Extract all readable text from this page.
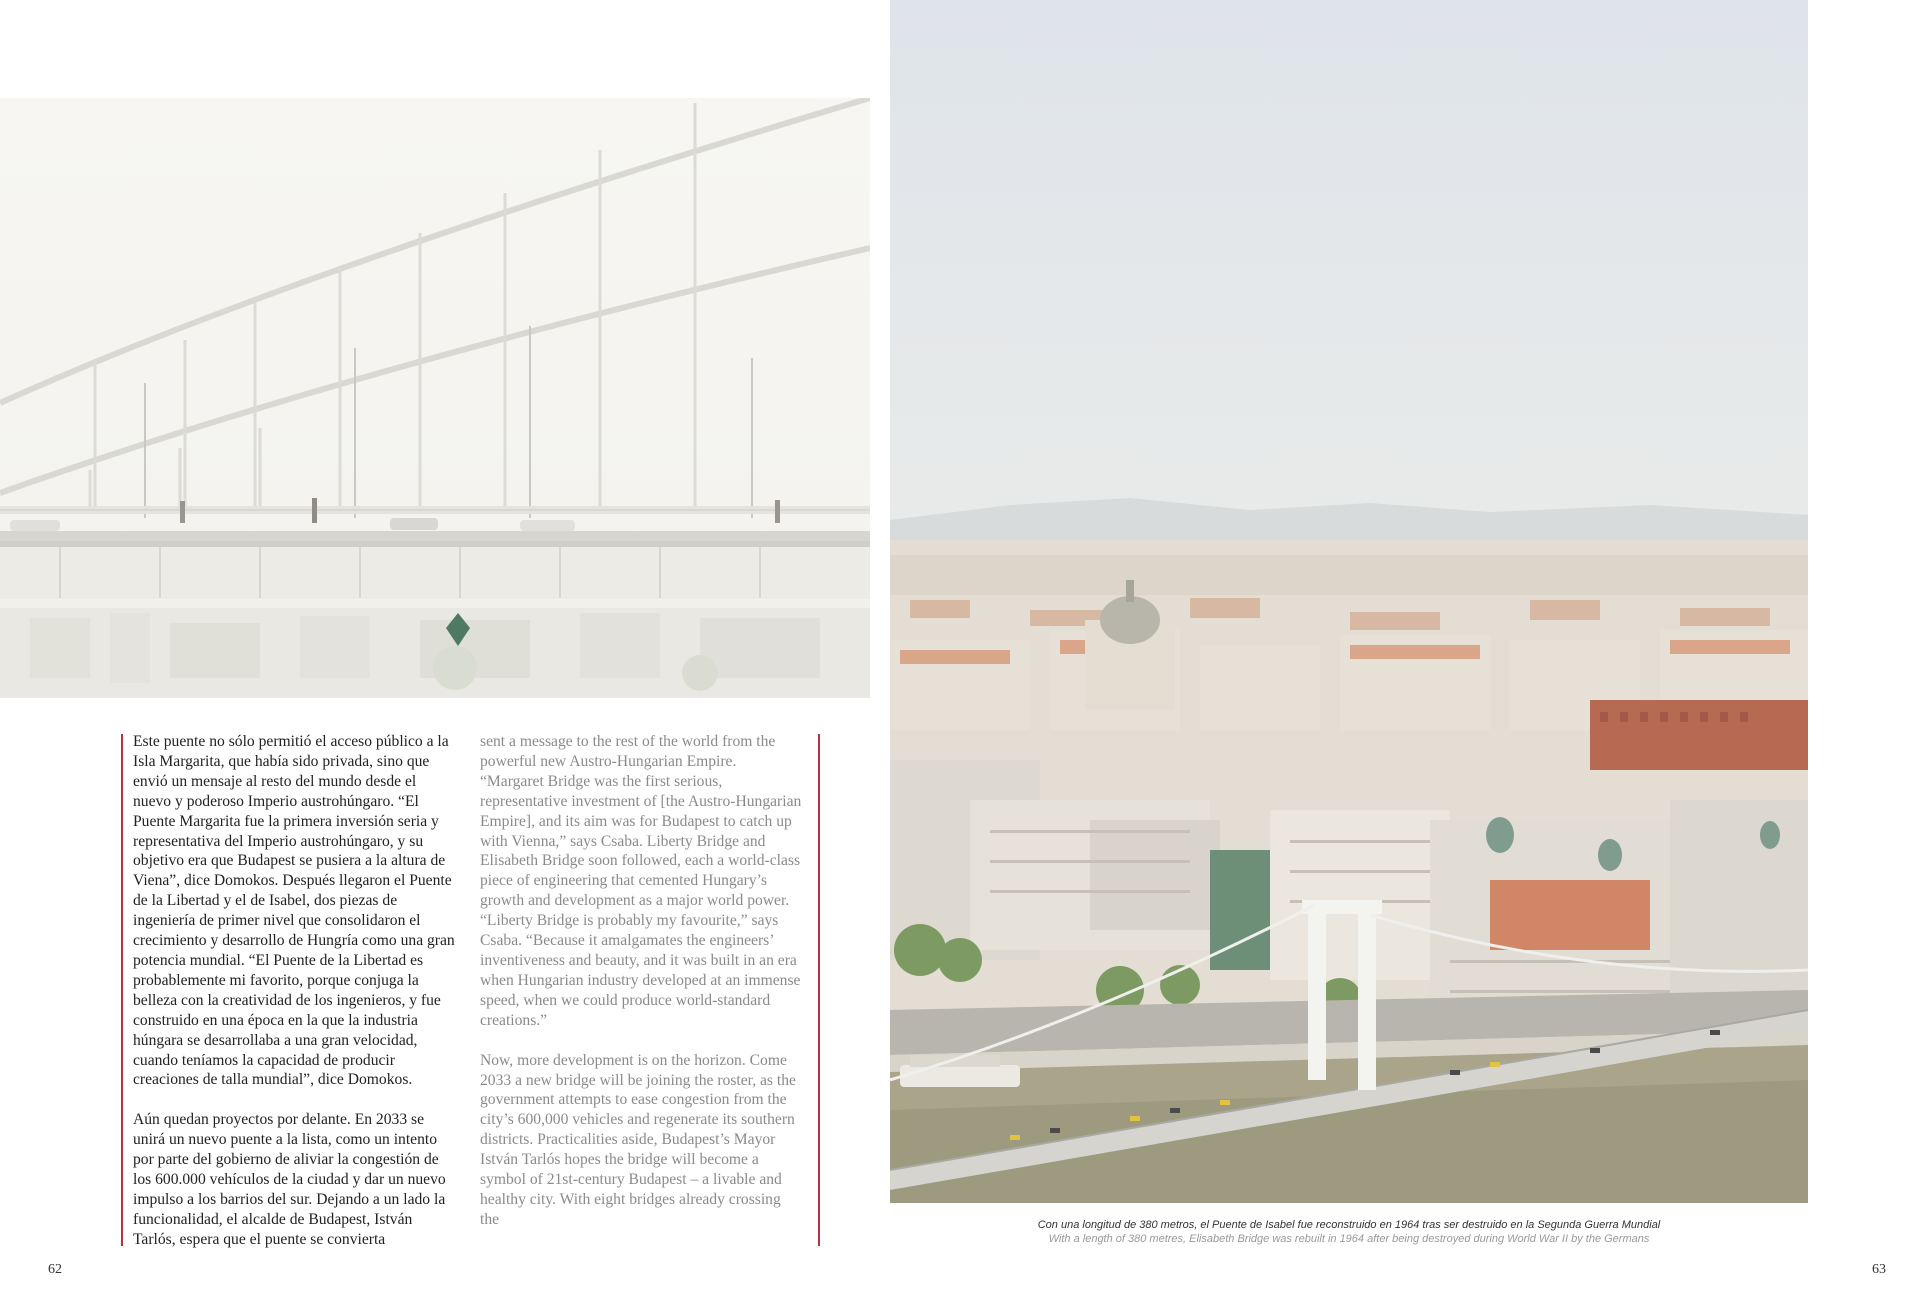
Este puente no sólo permitió el acceso público a la Isla Margarita, que había sido privada, sino que envió un mensaje al resto del mundo desde el nuevo y poderoso Imperio austrohúngaro. “El Puente Margarita fue la primera inversión seria y representativa del Imperio austrohúngaro, y su objetivo era que Budapest se pusiera a la altura de Viena”, dice Domokos. Después llegaron el Puente de la Libertad y el de Isabel, dos piezas de ingeniería de primer nivel que consolidaron el crecimiento y desarrollo de Hungría como una gran potencia mundial. “El Puente de la Libertad es probablemente mi favorito, porque conjuga la belleza con la creatividad de los ingenieros, y fue construido en una época en la que la industria húngara se desarrollaba a una gran velocidad, cuando teníamos la capacidad de producir creaciones de talla mundial”, dice Domokos.

Aún quedan proyectos por delante. En 2033 se unirá un nuevo puente a la lista, como un intento por parte del gobierno de aliviar la congestión de los 600.000 vehículos de la ciudad y dar un nuevo impulso a los barrios del sur. Dejando a un lado la funcionalidad, el alcalde de Budapest, István Tarlós, espera que el puente se convierta

sent a message to the rest of the world from the powerful new Austro-Hungarian Empire. “Margaret Bridge was the first serious, representative investment of [the Austro-Hungarian Empire], and its aim was for Budapest to catch up with Vienna,” says Csaba. Liberty Bridge and Elisabeth Bridge soon followed, each a world-class piece of engineering that cemented Hungary’s growth and development as a major world power. “Liberty Bridge is probably my favourite,” says Csaba. “Because it amalgamates the engineers’ inventiveness and beauty, and it was built in an era when Hungarian industry developed at an immense speed, when we could produce world-standard creations.”

Now, more development is on the horizon. Come 2033 a new bridge will be joining the roster, as the government attempts to ease congestion from the city’s 600,000 vehicles and regenerate its southern districts. Practicalities aside, Budapest’s Mayor István Tarlós hopes the bridge will become a symbol of 21st-century Budapest – a livable and healthy city. With eight bridges already crossing the

62	63
Con una longitud de 380 metros, el Puente de Isabel fue reconstruido en 1964 tras ser destruido en la Segunda Guerra Mundial
With a length of 380 metres, Elisabeth Bridge was rebuilt in 1964 after being destroyed during World War II by the Germans
